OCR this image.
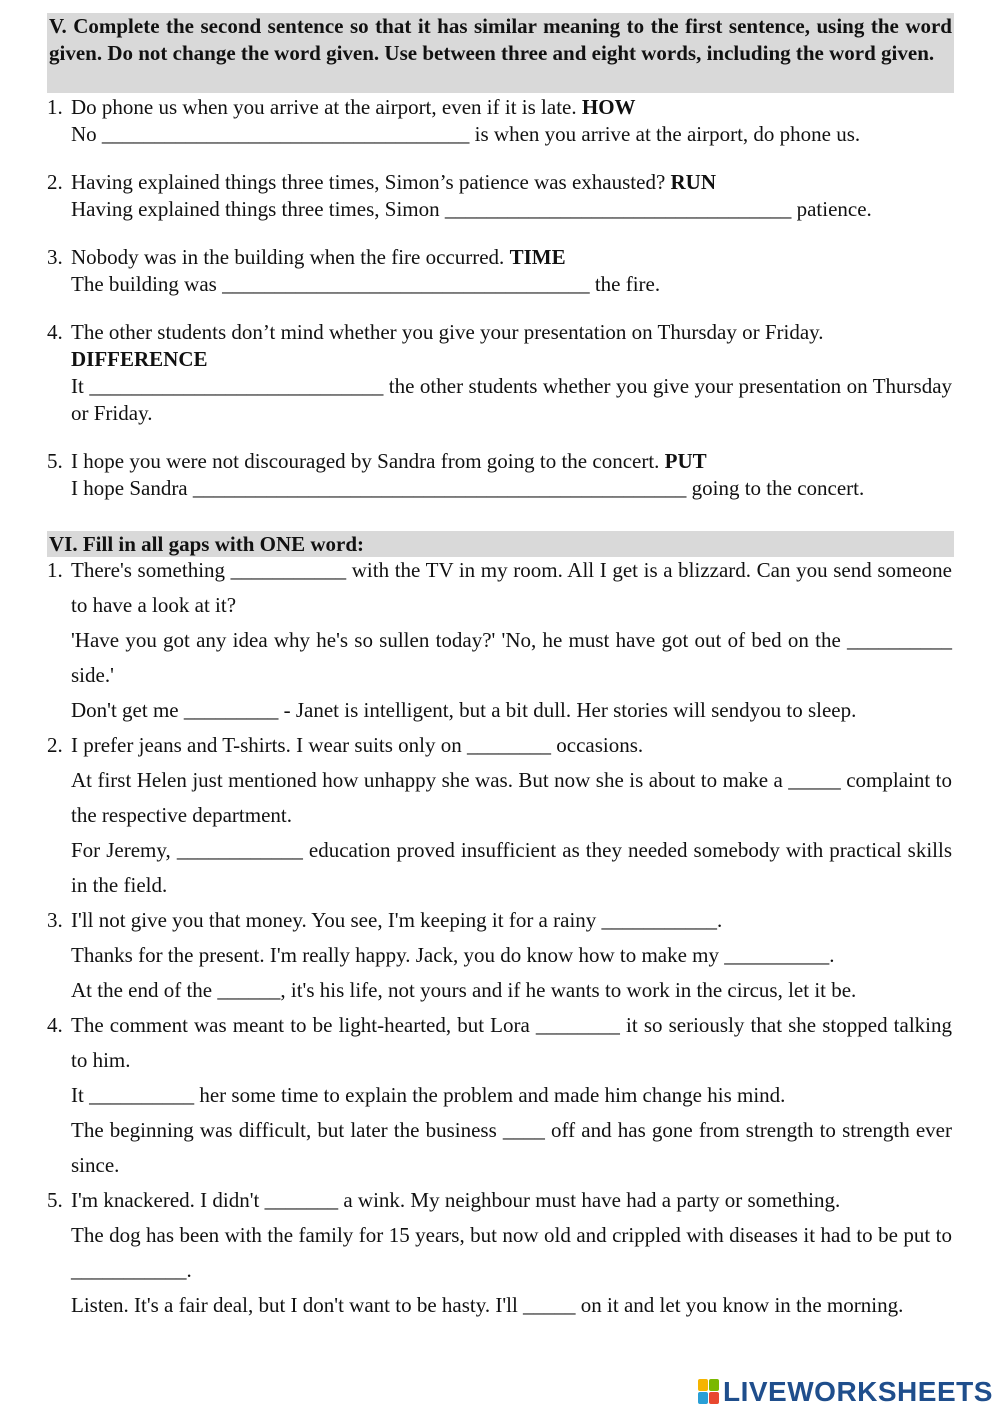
V. Complete the second sentence so that it has similar meaning to the first sentence, using the word given. Do not change the word given. Use between three and eight words, including the word given.
1. Do phone us when you arrive at the airport, even if it is late. HOW
No ___________________________________ is when you arrive at the airport, do phone us.
2. Having explained things three times, Simon’s patience was exhausted? RUN
Having explained things three times, Simon _________________________________ patience.
3. Nobody was in the building when the fire occurred. TIME
The building was ___________________________________ the fire.
4. The other students don’t mind whether you give your presentation on Thursday or Friday.
DIFFERENCE
It ____________________________ the other students whether you give your presentation on Thursday or Friday.
5. I hope you were not discouraged by Sandra from going to the concert. PUT
I hope Sandra _______________________________________________ going to the concert.
VI. Fill in all gaps with ONE word:
1. There's something ___________ with the TV in my room. All I get is a blizzard. Can you send someone to have a look at it?

'Have you got any idea why he's so sullen today?' 'No, he must have got out of bed on the __________ side.'

Don't get me _________ - Janet is intelligent, but a bit dull. Her stories will sendyou to sleep.

2. I prefer jeans and T-shirts. I wear suits only on ________ occasions.

At first Helen just mentioned how unhappy she was. But now she is about to make a _____ complaint to the respective department.

For Jeremy, ____________ education proved insufficient as they needed somebody with practical skills in the field.

3. I'll not give you that money. You see, I'm keeping it for a rainy ___________.

Thanks for the present. I'm really happy. Jack, you do know how to make my __________.

At the end of the ______, it's his life, not yours and if he wants to work in the circus, let it be.

4. The comment was meant to be light-hearted, but Lora ________ it so seriously that she stopped talking to him.

It __________ her some time to explain the problem and made him change his mind.

The beginning was difficult, but later the business ____ off and has gone from strength to strength ever since.

5. I'm knackered. I didn't _______ a wink. My neighbour must have had a party or something.

The dog has been with the family for 15 years, but now old and crippled with diseases it had to be put to ___________.

Listen. It's a fair deal, but I don't want to be hasty. I'll _____ on it and let you know in the morning.

LIVEWORKSHEETS
